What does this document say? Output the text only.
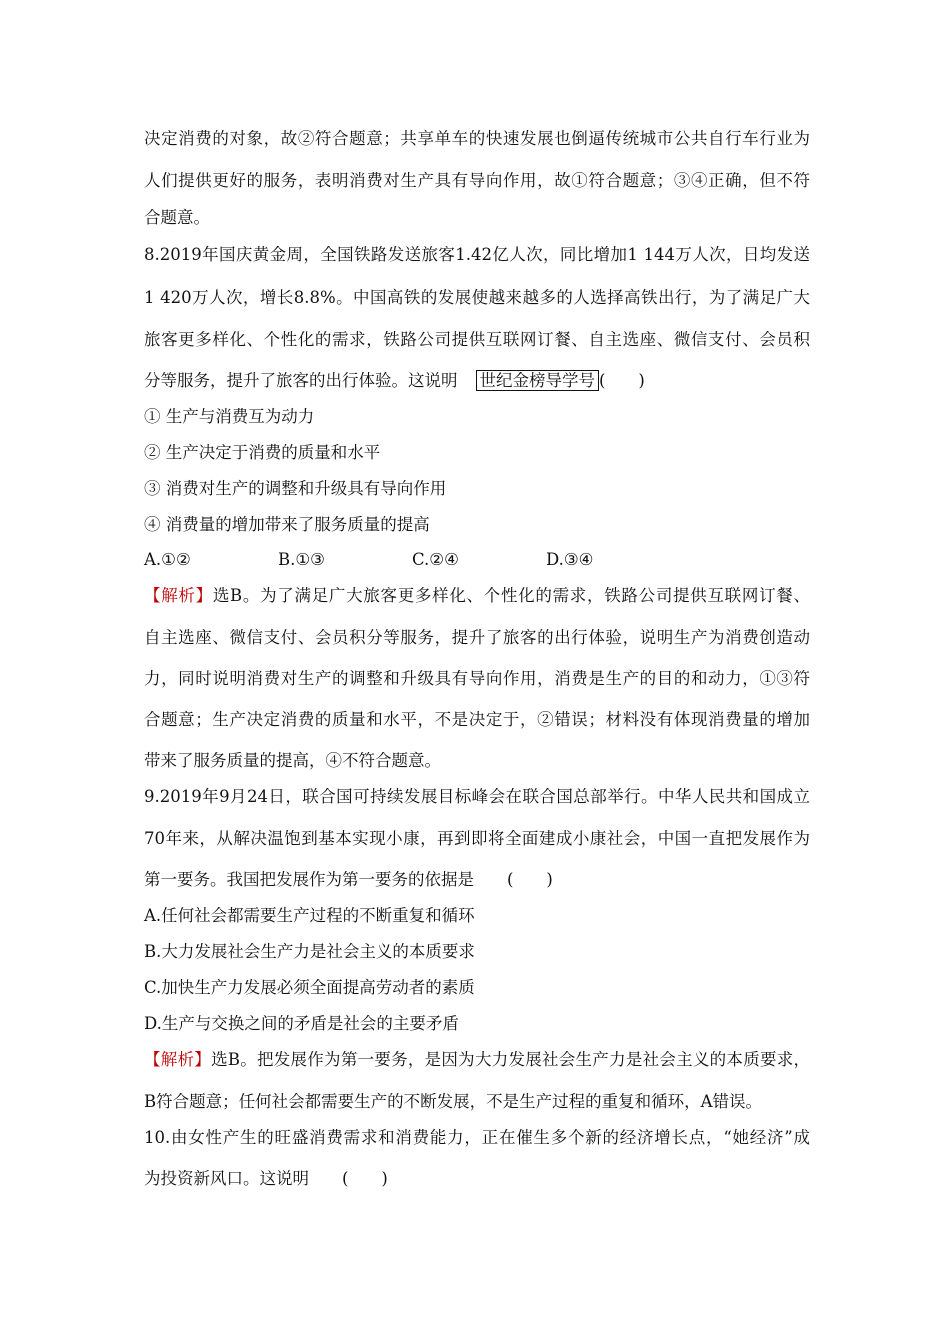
决定消费的对象，故②符合题意；共享单车的快速发展也倒逼传统城市公共自行车行业为
人们提供更好的服务，表明消费对生产具有导向作用，故①符合题意；③④正确，但不符
合题意。
8.2019年国庆黄金周，全国铁路发送旅客1.42亿人次，同比增加1 144万人次，日均发送
1 420万人次，增长8.8%。中国高铁的发展使越来越多的人选择高铁出行，为了满足广大
旅客更多样化、个性化的需求，铁路公司提供互联网订餐、自主选座、微信支付、会员积
分等服务，提升了旅客的出行体验。这说明 世纪金榜导学号 (　　)
① 生产与消费互为动力
② 生产决定于消费的质量和水平
③ 消费对生产的调整和升级具有导向作用
④ 消费量的增加带来了服务质量的提高
A.①②	B.①③	C.②④	D.③④
【解析】选B。为了满足广大旅客更多样化、个性化的需求，铁路公司提供互联网订餐、
自主选座、微信支付、会员积分等服务，提升了旅客的出行体验，说明生产为消费创造动
力，同时说明消费对生产的调整和升级具有导向作用，消费是生产的目的和动力，①③符
合题意；生产决定消费的质量和水平，不是决定于，②错误；材料没有体现消费量的增加
带来了服务质量的提高，④不符合题意。
9.2019年9月24日，联合国可持续发展目标峰会在联合国总部举行。中华人民共和国成立
70年来，从解决温饱到基本实现小康，再到即将全面建成小康社会，中国一直把发展作为
第一要务。我国把发展作为第一要务的依据是　　(　　)
A.任何社会都需要生产过程的不断重复和循环
B.大力发展社会生产力是社会主义的本质要求
C.加快生产力发展必须全面提高劳动者的素质
D.生产与交换之间的矛盾是社会的主要矛盾
【解析】选B。把发展作为第一要务，是因为大力发展社会生产力是社会主义的本质要求，
B符合题意；任何社会都需要生产的不断发展，不是生产过程的重复和循环，A错误。
10.由女性产生的旺盛消费需求和消费能力，正在催生多个新的经济增长点，“她经济”成
为投资新风口。这说明　　(　　)
